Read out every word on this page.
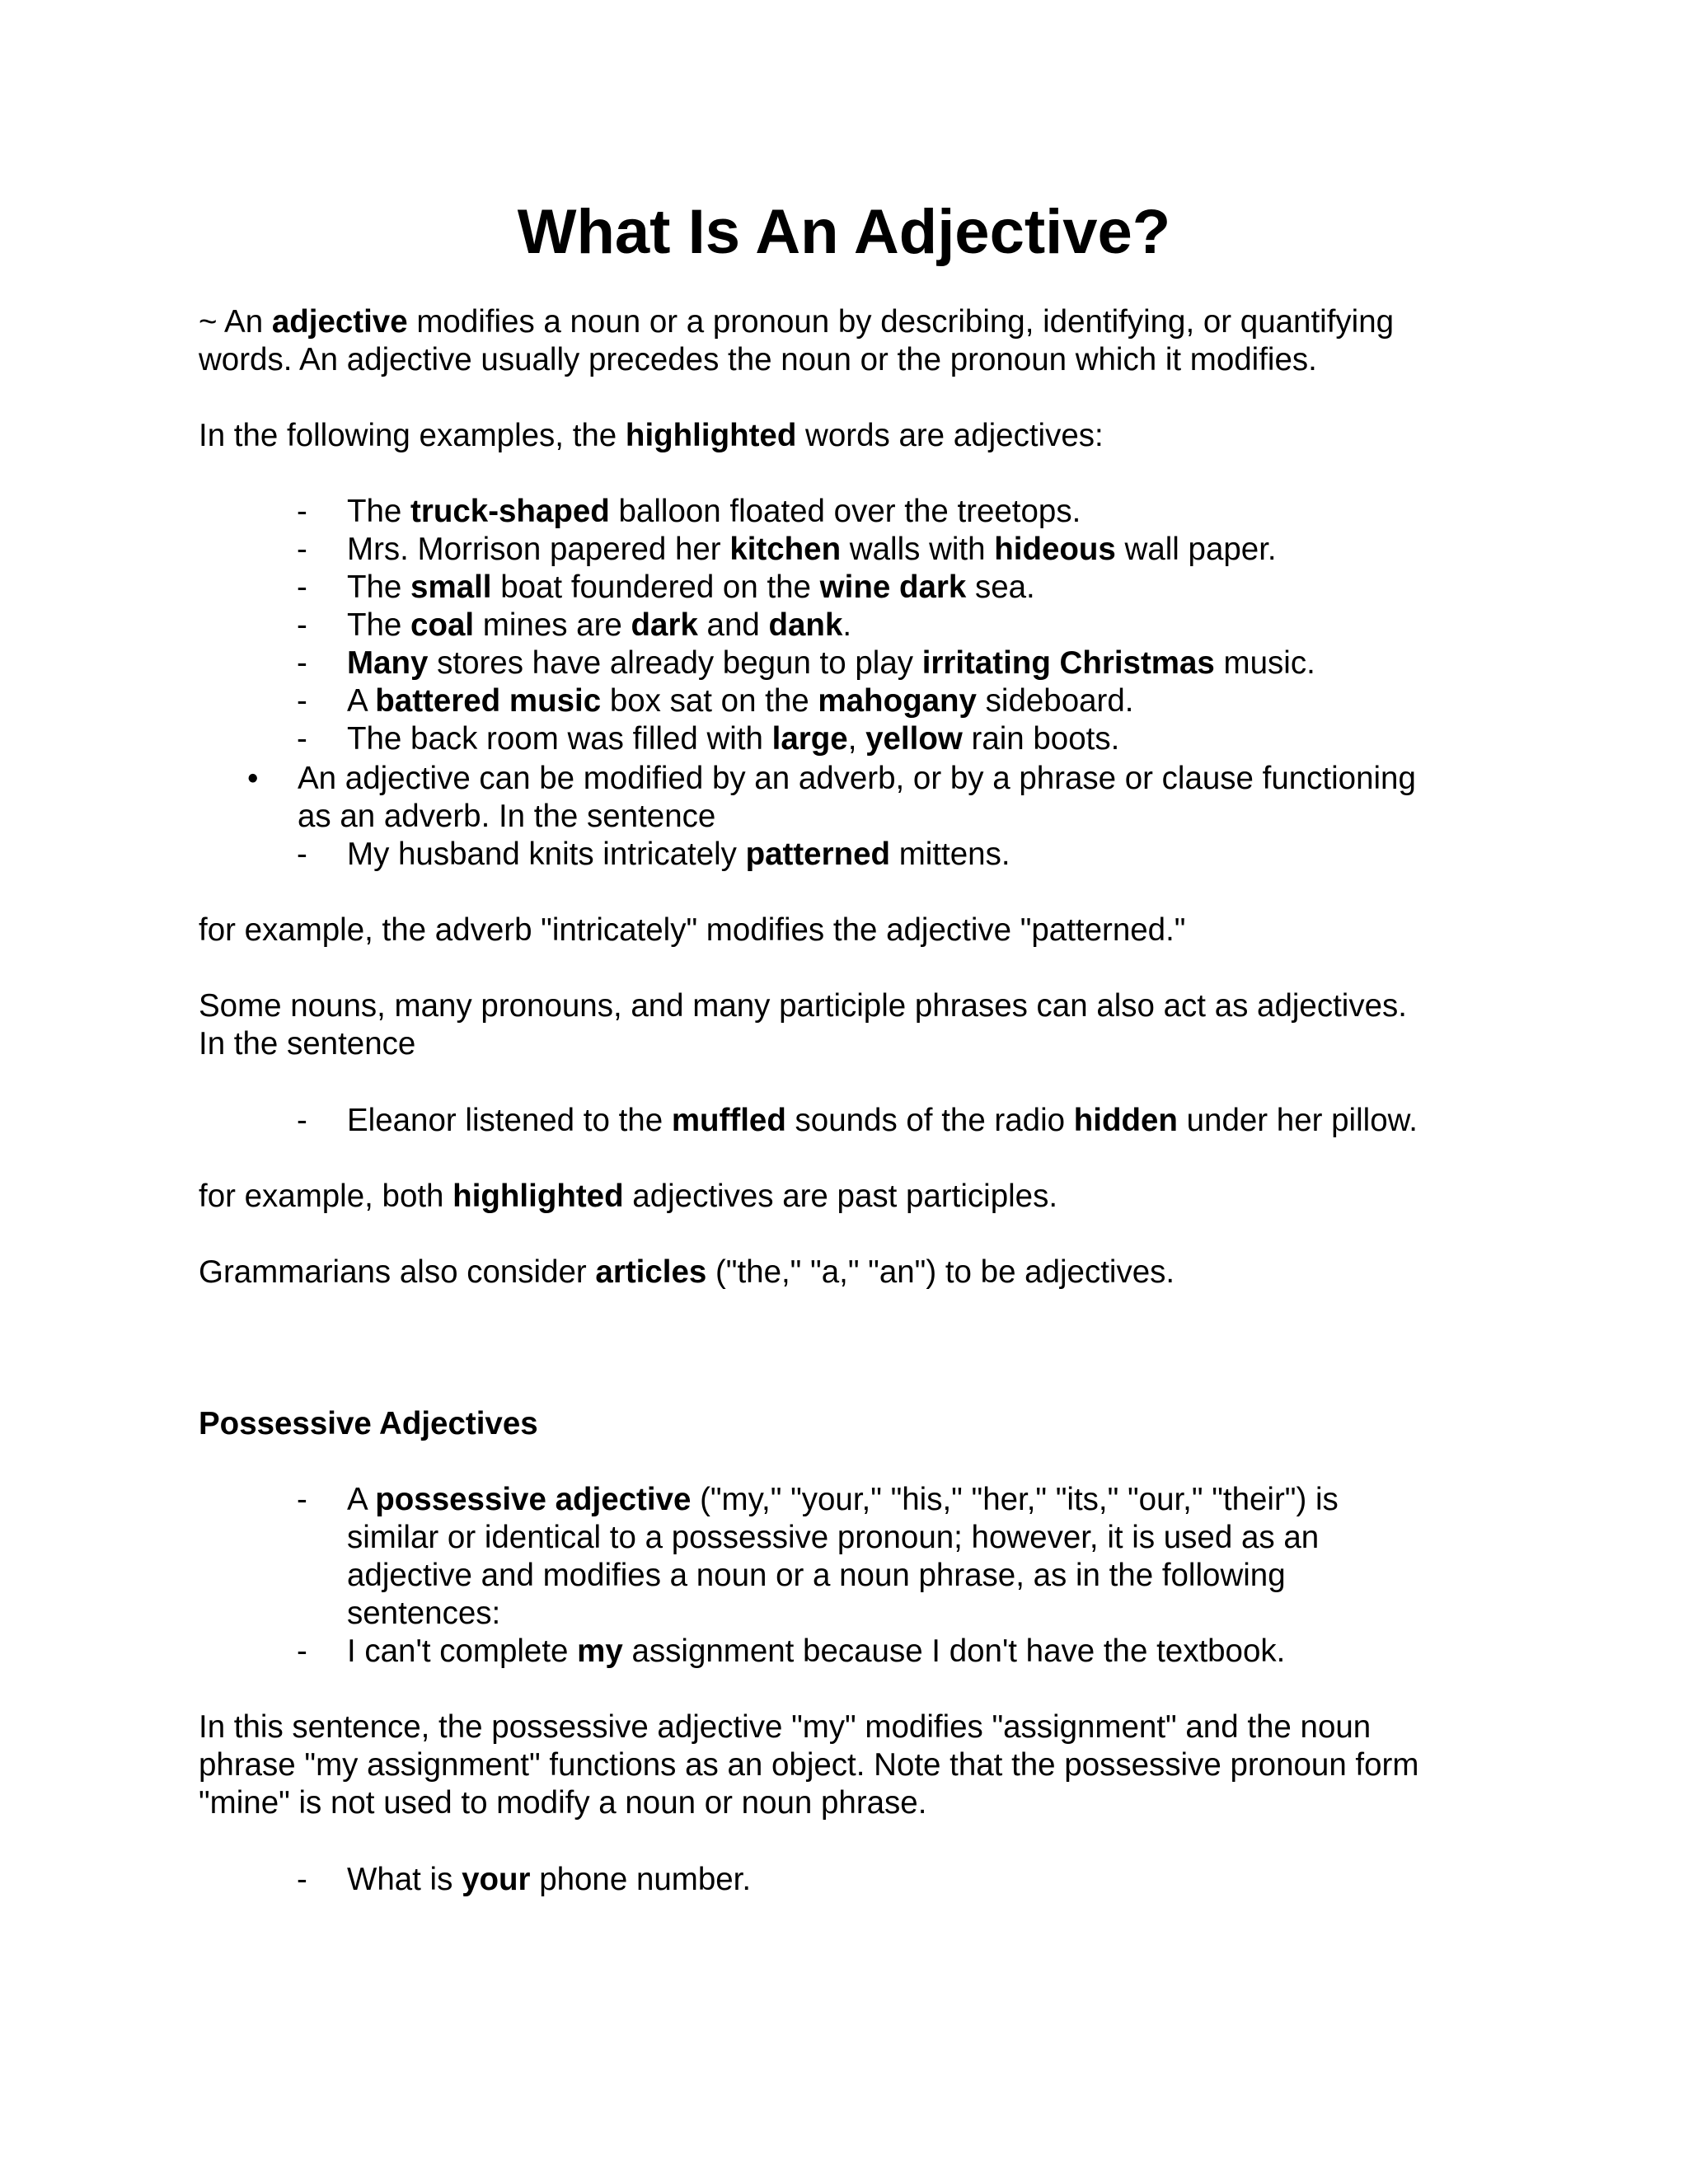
What Is An Adjective?
~ An adjective modifies a noun or a pronoun by describing, identifying, or quantifying
words. An adjective usually precedes the noun or the pronoun which it modifies.
In the following examples, the highlighted words are adjectives:
- The truck-shaped balloon floated over the treetops.
- Mrs. Morrison papered her kitchen walls with hideous wall paper.
- The small boat foundered on the wine dark sea.
- The coal mines are dark and dank.
- Many stores have already begun to play irritating Christmas music.
- A battered music box sat on the mahogany sideboard.
- The back room was filled with large, yellow rain boots.
• An adjective can be modified by an adverb, or by a phrase or clause functioning
as an adverb. In the sentence
- My husband knits intricately patterned mittens.
for example, the adverb "intricately" modifies the adjective "patterned."
Some nouns, many pronouns, and many participle phrases can also act as adjectives.
In the sentence
- Eleanor listened to the muffled sounds of the radio hidden under her pillow.
for example, both highlighted adjectives are past participles.
Grammarians also consider articles ("the," "a," "an") to be adjectives.
Possessive Adjectives
- A possessive adjective ("my," "your," "his," "her," "its," "our," "their") is
similar or identical to a possessive pronoun; however, it is used as an
adjective and modifies a noun or a noun phrase, as in the following
sentences:
- I can't complete my assignment because I don't have the textbook.
In this sentence, the possessive adjective "my" modifies "assignment" and the noun
phrase "my assignment" functions as an object. Note that the possessive pronoun form
"mine" is not used to modify a noun or noun phrase.
- What is your phone number.
